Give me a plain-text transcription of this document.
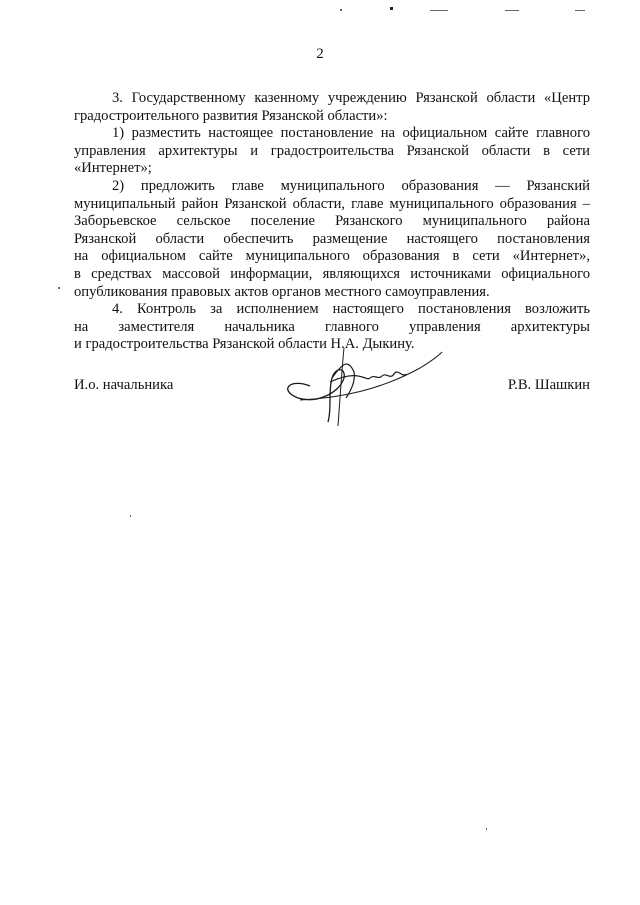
2
3. Государственному казенному учреждению Рязанской области «Центр
градостроительного развития Рязанской области»:
1) разместить настоящее постановление на официальном сайте главного
управления архитектуры и градостроительства Рязанской области в сети
«Интернет»;
2) предложить главе муниципального образования — Рязанский
муниципальный район Рязанской области, главе муниципального образования –
Заборьевское сельское поселение Рязанского муниципального района
Рязанской области обеспечить размещение настоящего постановления
на официальном сайте муниципального образования в сети «Интернет»,
в средствах массовой информации, являющихся источниками официального
опубликования правовых актов органов местного самоуправления.
4. Контроль за исполнением настоящего постановления возложить
на заместителя начальника главного управления архитектуры
и градостроительства Рязанской области Н.А. Дыкину.
И.о. начальника	Р.В. Шашкин
